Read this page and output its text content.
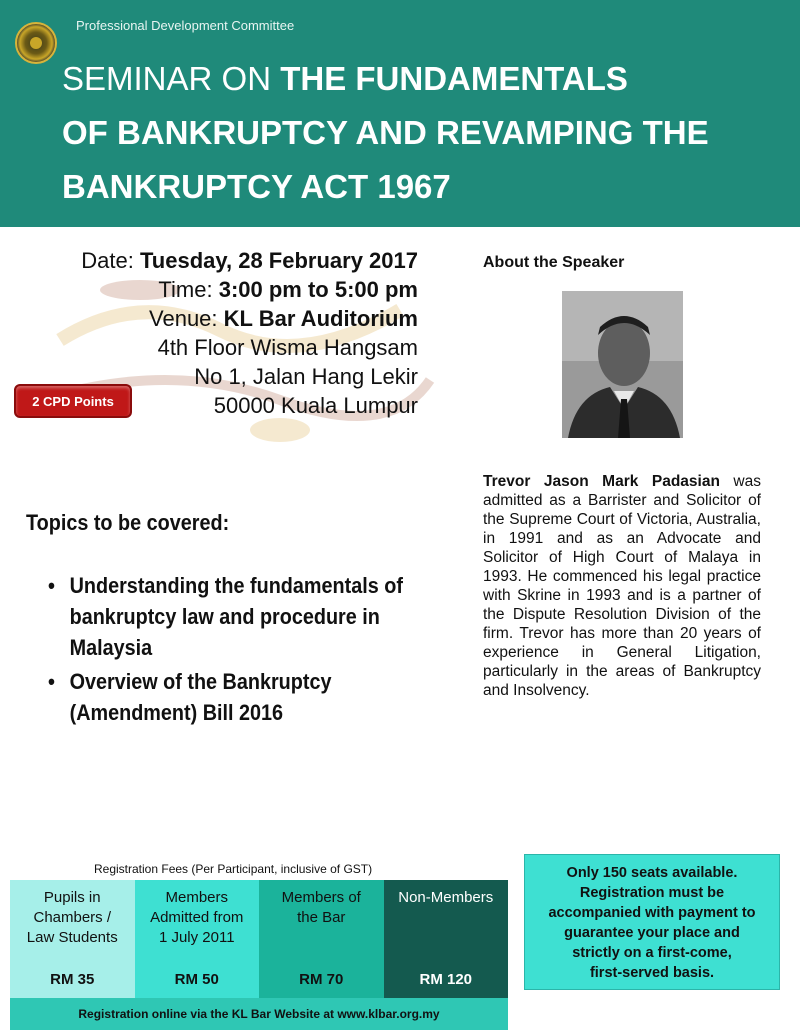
Professional Development Committee
SEMINAR ON THE FUNDAMENTALS
OF BANKRUPTCY AND REVAMPING THE
BANKRUPTCY ACT 1967
Date: Tuesday, 28 February 2017
Time: 3:00 pm to 5:00 pm
Venue: KL Bar Auditorium
4th Floor Wisma Hangsam
No 1, Jalan Hang Lekir
50000 Kuala Lumpur
2 CPD Points
Topics to be covered:
• Understanding the fundamentals of bankruptcy law and procedure in Malaysia
• Overview of the Bankruptcy (Amendment) Bill 2016
About the Speaker
Trevor Jason Mark Padasian was admitted as a Barrister and Solicitor of the Supreme Court of Victoria, Australia, in 1991 and as an Advocate and Solicitor of High Court of Malaya in 1993. He commenced his legal practice with Skrine in 1993 and is a partner of the Dispute Resolution Division of the firm. Trevor has more than 20 years of experience in General Litigation, particularly in the areas of Bankruptcy and Insolvency.
Registration Fees (Per Participant, inclusive of GST)
Pupils in
Chambers /
Law Students
RM 35
Members
Admitted from
1 July 2011
RM 50
Members of
the Bar
RM 70
Non-Members
RM 120
Only 150 seats available.
Registration must be
accompanied with payment to
guarantee your place and
strictly on a first-come,
first-served basis.
Registration online via the KL Bar Website at www.klbar.org.my
